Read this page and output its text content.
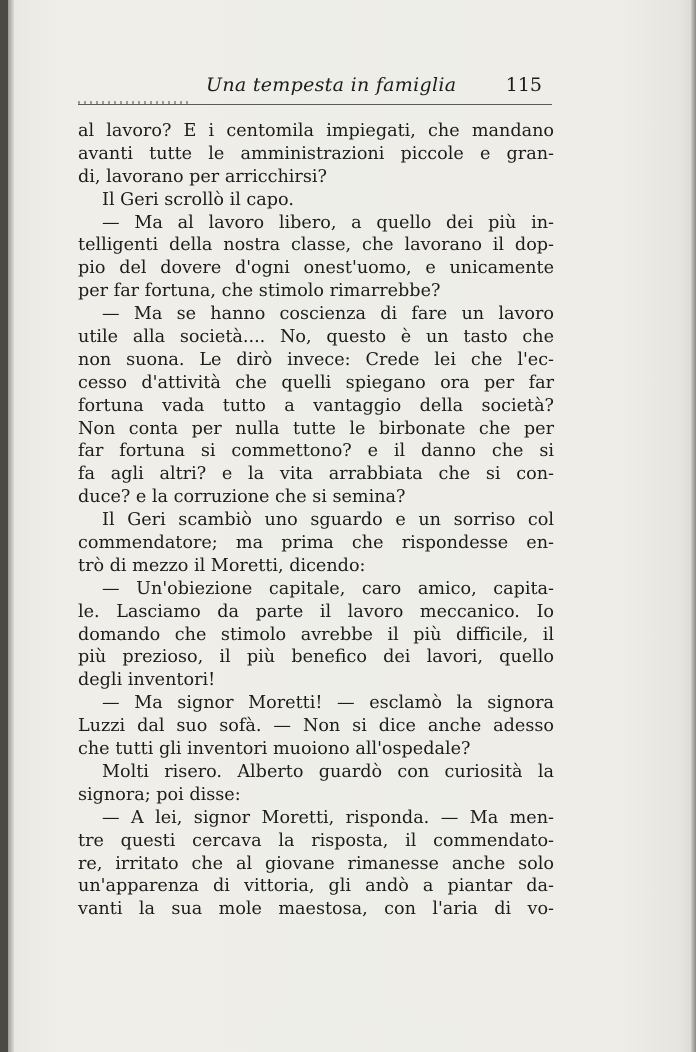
Una tempesta in famiglia	115
al lavoro? E i centomila impiegati, che mandano
avanti tutte le amministrazioni piccole e gran-
di, lavorano per arricchirsi?
Il Geri scrollò il capo.
— Ma al lavoro libero, a quello dei più in-
telligenti della nostra classe, che lavorano il dop-
pio del dovere d'ogni onest'uomo, e unicamente
per far fortuna, che stimolo rimarrebbe?
— Ma se hanno coscienza di fare un lavoro
utile alla società.... No, questo è un tasto che
non suona. Le dirò invece: Crede lei che l'ec-
cesso d'attività che quelli spiegano ora per far
fortuna vada tutto a vantaggio della società?
Non conta per nulla tutte le birbonate che per
far fortuna si commettono? e il danno che si
fa agli altri? e la vita arrabbiata che si con-
duce? e la corruzione che si semina?
Il Geri scambiò uno sguardo e un sorriso col
commendatore; ma prima che rispondesse en-
trò di mezzo il Moretti, dicendo:
— Un'obiezione capitale, caro amico, capita-
le. Lasciamo da parte il lavoro meccanico. Io
domando che stimolo avrebbe il più difficile, il
più prezioso, il più benefico dei lavori, quello
degli inventori!
— Ma signor Moretti! — esclamò la signora
Luzzi dal suo sofà. — Non si dice anche adesso
che tutti gli inventori muoiono all'ospedale?
Molti risero. Alberto guardò con curiosità la
signora; poi disse:
— A lei, signor Moretti, risponda. — Ma men-
tre questi cercava la risposta, il commendato-
re, irritato che al giovane rimanesse anche solo
un'apparenza di vittoria, gli andò a piantar da-
vanti la sua mole maestosa, con l'aria di vo-
